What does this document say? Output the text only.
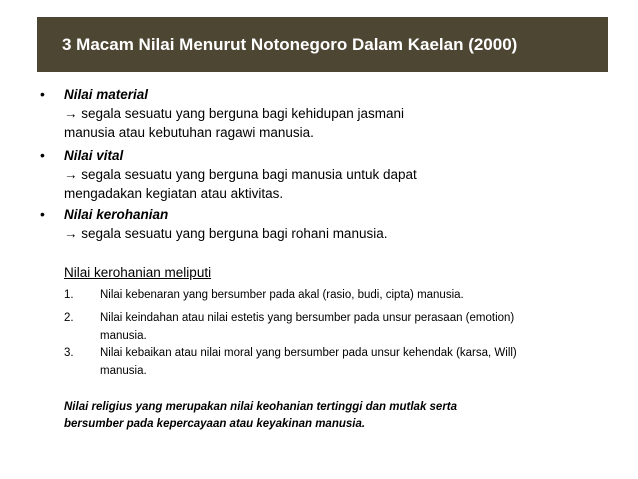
3 Macam Nilai Menurut Notonegoro Dalam Kaelan (2000)
• Nilai material
→ segala sesuatu yang berguna bagi kehidupan jasmani
manusia atau kebutuhan ragawi manusia.
• Nilai vital
→ segala sesuatu yang berguna bagi manusia untuk dapat
mengadakan kegiatan atau aktivitas.
• Nilai kerohanian
→ segala sesuatu yang berguna bagi rohani manusia.
Nilai kerohanian meliputi
1. Nilai kebenaran yang bersumber pada akal (rasio, budi, cipta) manusia.
2. Nilai keindahan atau nilai estetis yang bersumber pada unsur perasaan (emotion)
manusia.
3. Nilai kebaikan atau nilai moral yang bersumber pada unsur kehendak (karsa, Will)
manusia.
Nilai religius yang merupakan nilai keohanian tertinggi dan mutlak serta
bersumber pada kepercayaan atau keyakinan manusia.
